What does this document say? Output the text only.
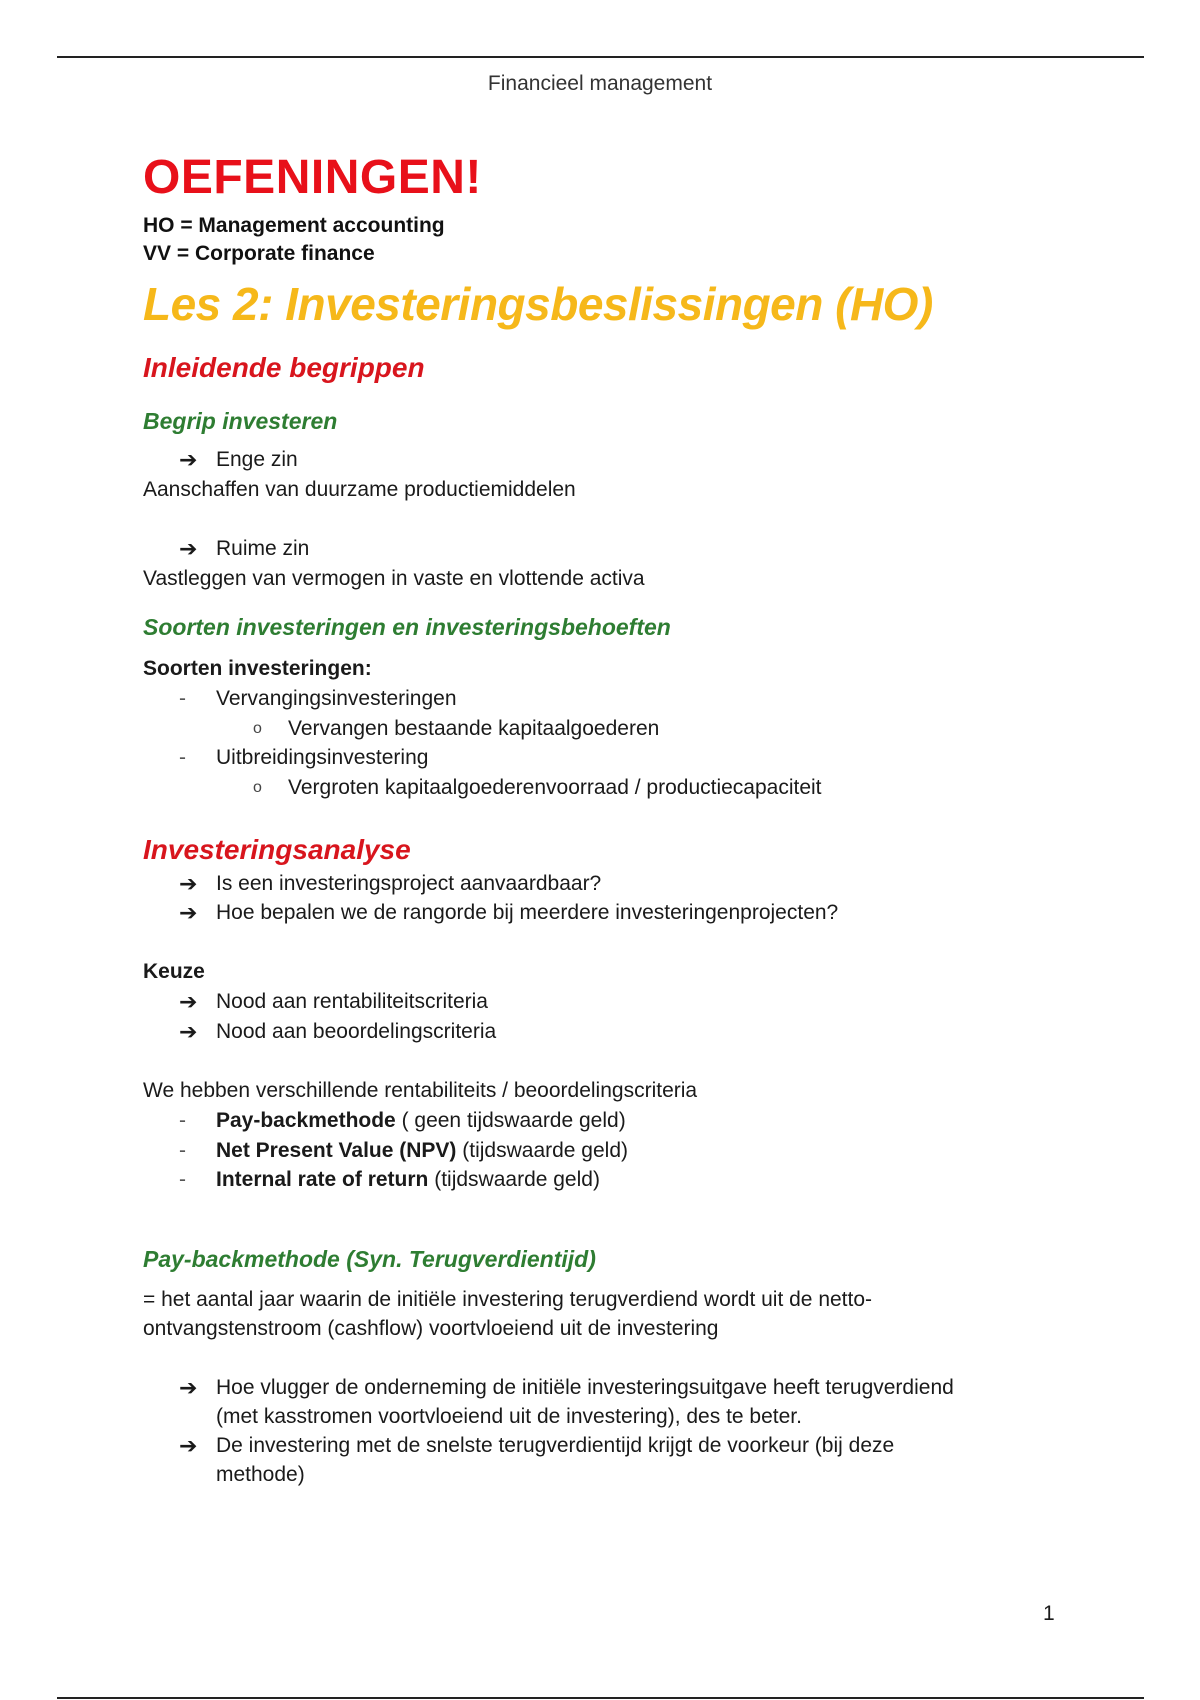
Financieel management
OEFENINGEN!
HO = Management accounting
VV = Corporate finance
Les 2: Investeringsbeslissingen (HO)
Inleidende begrippen
Begrip investeren
➔ Enge zin
Aanschaffen van duurzame productiemiddelen
➔ Ruime zin
Vastleggen van vermogen in vaste en vlottende activa
Soorten investeringen en investeringsbehoeften
Soorten investeringen:
- Vervangingsinvesteringen
o Vervangen bestaande kapitaalgoederen
- Uitbreidingsinvestering
o Vergroten kapitaalgoederenvoorraad / productiecapaciteit
Investeringsanalyse
➔ Is een investeringsproject aanvaardbaar?
➔ Hoe bepalen we de rangorde bij meerdere investeringenprojecten?
Keuze
➔ Nood aan rentabiliteitscriteria
➔ Nood aan beoordelingscriteria
We hebben verschillende rentabiliteits / beoordelingscriteria
- Pay-backmethode ( geen tijdswaarde geld)
- Net Present Value (NPV) (tijdswaarde geld)
- Internal rate of return (tijdswaarde geld)
Pay-backmethode (Syn. Terugverdientijd)
= het aantal jaar waarin de initiële investering terugverdiend wordt uit de netto-
ontvangstenstroom (cashflow) voortvloeiend uit de investering
➔ Hoe vlugger de onderneming de initiële investeringsuitgave heeft terugverdiend
(met kasstromen voortvloeiend uit de investering), des te beter.
➔ De investering met de snelste terugverdientijd krijgt de voorkeur (bij deze
methode)
1
